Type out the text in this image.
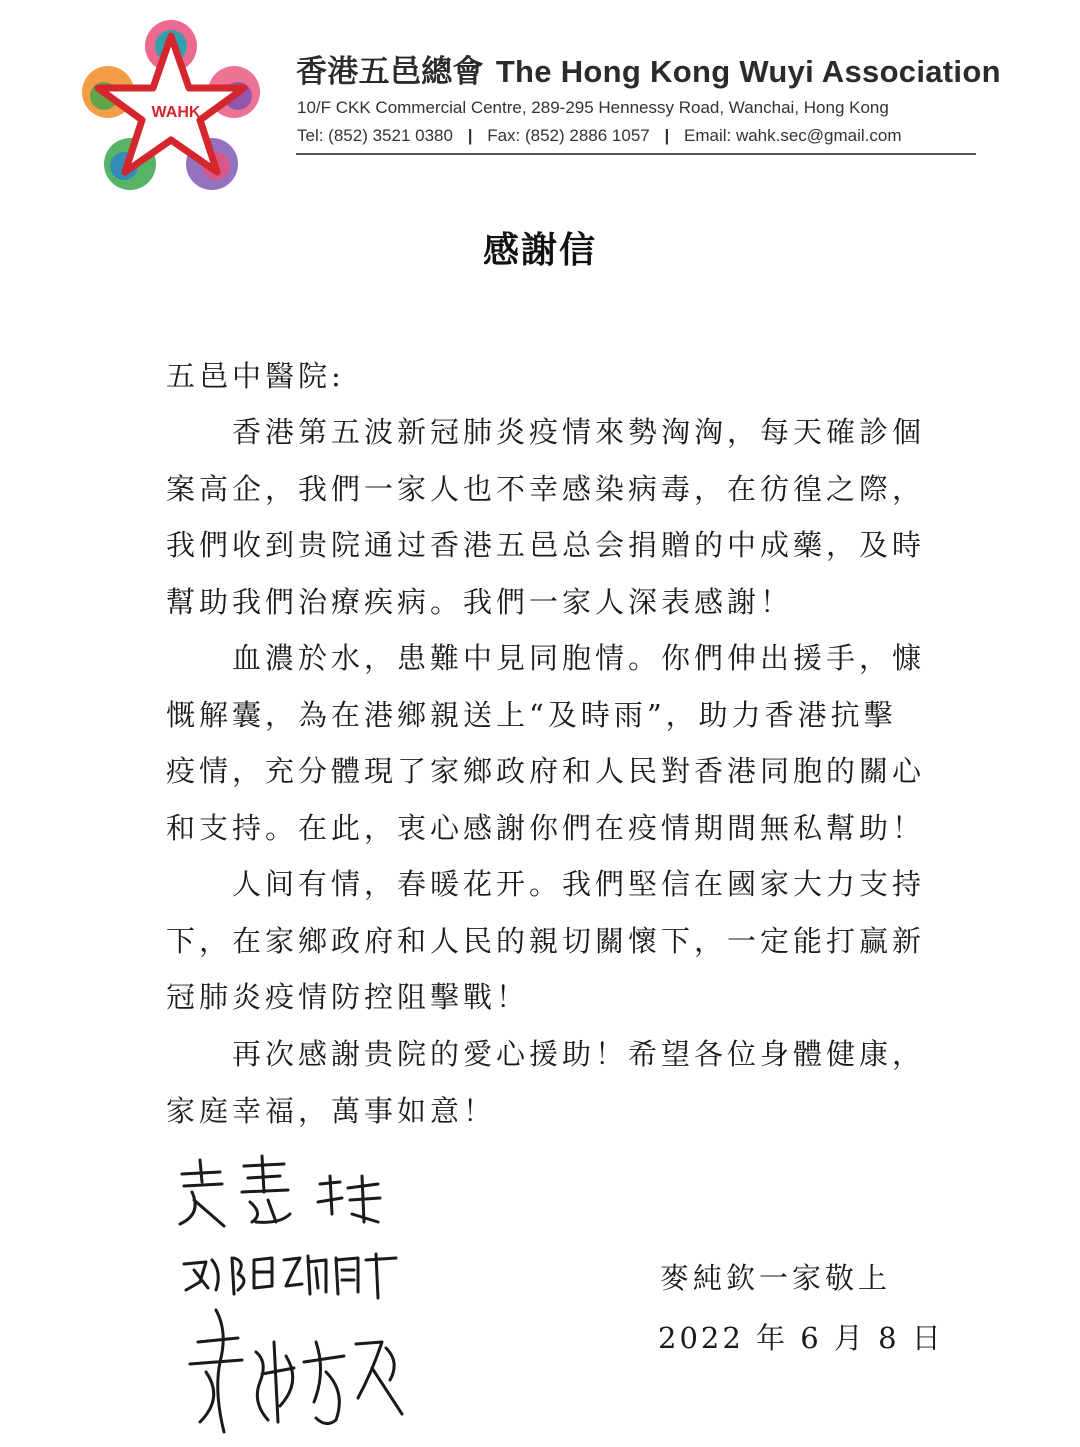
WAHK
香港五邑總會 The Hong Kong Wuyi Association
10/F CKK Commercial Centre, 289-295 Hennessy Road, Wanchai, Hong Kong
Tel: (852) 3521 0380 | Fax: (852) 2886 1057 | Email: wahk.sec@gmail.com
感謝信
五邑中醫院:

香港第五波新冠肺炎疫情來勢洶洶，每天確診個案高企，我們一家人也不幸感染病毒，在彷徨之際，我們收到贵院通过香港五邑总会捐贈的中成藥，及時幫助我們治療疾病。我們一家人深表感謝！

血濃於水，患難中見同胞情。你們伸出援手，慷慨解囊，為在港鄉親送上“及時雨”，助力香港抗擊疫情，充分體現了家鄉政府和人民對香港同胞的關心和支持。在此，衷心感謝你們在疫情期間無私幫助！

人间有情，春暖花开。我們堅信在國家大力支持下，在家鄉政府和人民的親切關懷下，一定能打赢新冠肺炎疫情防控阻擊戰！

再次感謝贵院的愛心援助！希望各位身體健康，家庭幸福，萬事如意！

麥純欽一家敬上
2022 年 6 月 8 日
